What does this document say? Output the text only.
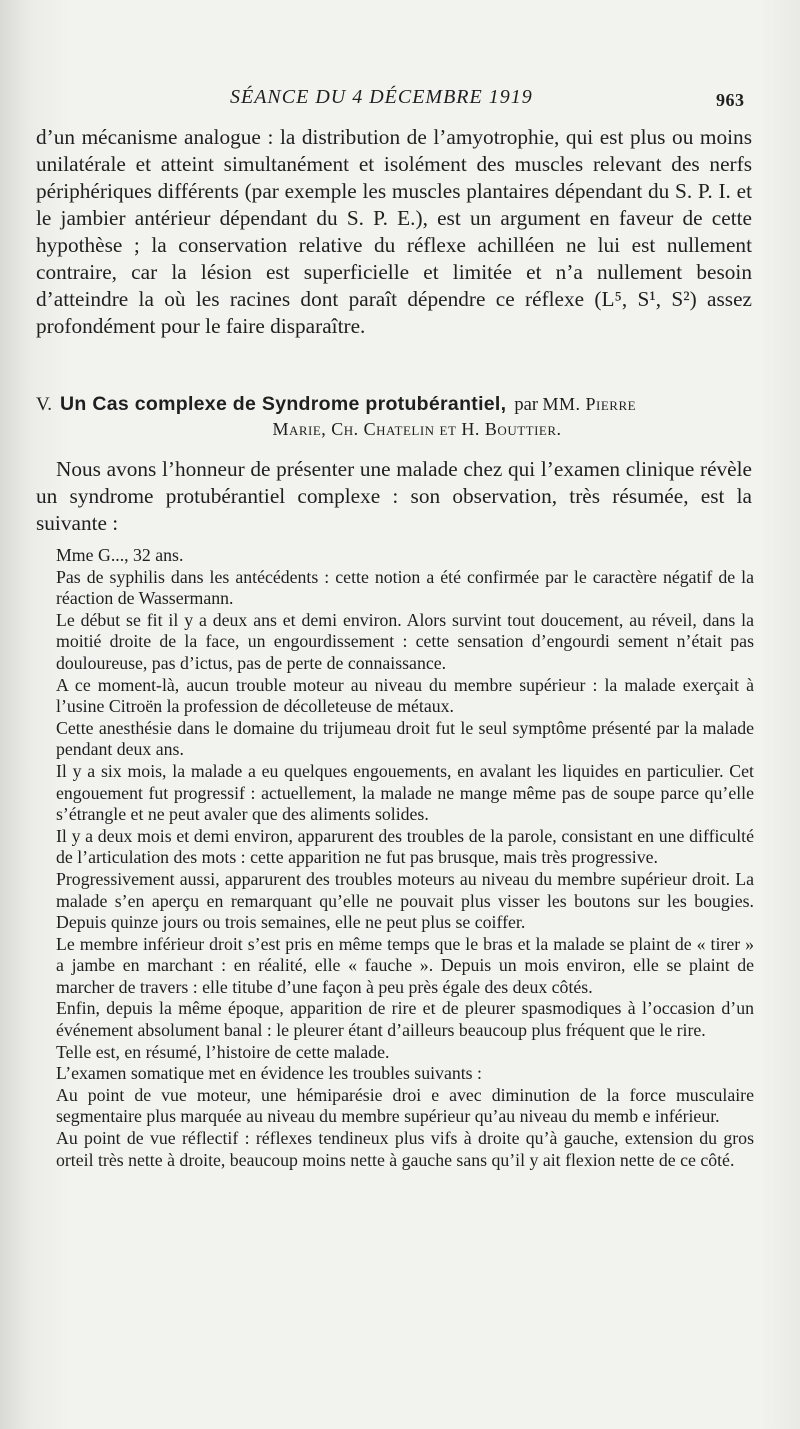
SÉANCE DU 4 DÉCEMBRE 1919	963

d’un mécanisme analogue : la distribution de l’amyotrophie, qui est plus ou moins unilatérale et atteint simultanément et isolément des muscles relevant des nerfs périphériques différents (par exemple les muscles plantaires dépendant du S. P. I. et le jambier antérieur dépendant du S. P. E.), est un argument en faveur de cette hypothèse ; la conservation relative du réflexe achilléen ne lui est nullement contraire, car la lésion est superficielle et limitée et n’a nullement besoin d’atteindre la où les racines dont paraît dépendre ce réflexe (L⁵, S¹, S²) assez profondément pour le faire disparaître.

V. Un Cas complexe de Syndrome protubérantiel, par MM. Pierre
Marie, Ch. Chatelin et H. Bouttier.

Nous avons l’honneur de présenter une malade chez qui l’examen clinique révèle un syndrome protubérantiel complexe : son observation, très résumée, est la suivante :

Mme G..., 32 ans.

Pas de syphilis dans les antécédents : cette notion a été confirmée par le caractère négatif de la réaction de Wassermann.

Le début se fit il y a deux ans et demi environ. Alors survint tout doucement, au réveil, dans la moitié droite de la face, un engourdissement : cette sensation d’engourdi sement n’était pas douloureuse, pas d’ictus, pas de perte de connaissance.

A ce moment-là, aucun trouble moteur au niveau du membre supérieur : la malade exerçait à l’usine Citroën la profession de décolleteuse de métaux.

Cette anesthésie dans le domaine du trijumeau droit fut le seul symptôme présenté par la malade pendant deux ans.

Il y a six mois, la malade a eu quelques engouements, en avalant les liquides en particulier. Cet engouement fut progressif : actuellement, la malade ne mange même pas de soupe parce qu’elle s’étrangle et ne peut avaler que des aliments solides.

Il y a deux mois et demi environ, apparurent des troubles de la parole, consistant en une difficulté de l’articulation des mots : cette apparition ne fut pas brusque, mais très progressive.

Progressivement aussi, apparurent des troubles moteurs au niveau du membre supérieur droit. La malade s’en aperçu en remarquant qu’elle ne pouvait plus visser les boutons sur les bougies. Depuis quinze jours ou trois semaines, elle ne peut plus se coiffer.

Le membre inférieur droit s’est pris en même temps que le bras et la malade se plaint de « tirer » a jambe en marchant : en réalité, elle « fauche ». Depuis un mois environ, elle se plaint de marcher de travers : elle titube d’une façon à peu près égale des deux côtés.

Enfin, depuis la même époque, apparition de rire et de pleurer spasmodiques à l’occasion d’un événement absolument banal : le pleurer étant d’ailleurs beaucoup plus fréquent que le rire.

Telle est, en résumé, l’histoire de cette malade.

L’examen somatique met en évidence les troubles suivants :

Au point de vue moteur, une hémiparésie droi e avec diminution de la force musculaire segmentaire plus marquée au niveau du membre supérieur qu’au niveau du memb e inférieur.

Au point de vue réflectif : réflexes tendineux plus vifs à droite qu’à gauche, extension du gros orteil très nette à droite, beaucoup moins nette à gauche sans qu’il y ait flexion nette de ce côté.
